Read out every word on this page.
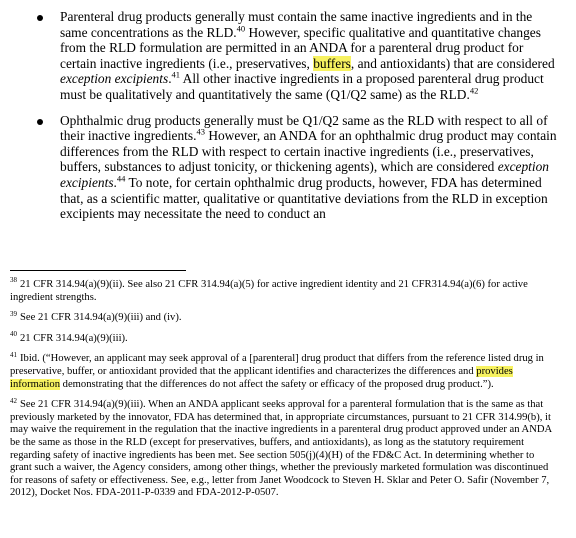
Parenteral drug products generally must contain the same inactive ingredients and in the same concentrations as the RLD.$^{40}$ However, specific qualitative and quantitative changes from the RLD formulation are permitted in an ANDA for a parenteral drug product for certain inactive ingredients (i.e., preservatives, buffers, and antioxidants) that are considered exception excipients.$^{41}$ All other inactive ingredients in a proposed parenteral drug product must be qualitatively and quantitatively the same (Q1/Q2 same) as the RLD.$^{42}$
Ophthalmic drug products generally must be Q1/Q2 same as the RLD with respect to all of their inactive ingredients.$^{43}$ However, an ANDA for an ophthalmic drug product may contain differences from the RLD with respect to certain inactive ingredients (i.e., preservatives, buffers, substances to adjust tonicity, or thickening agents), which are considered exception excipients.$^{44}$ To note, for certain ophthalmic drug products, however, FDA has determined that, as a scientific matter, qualitative or quantitative deviations from the RLD in exception excipients may necessitate the need to conduct an

$^{38}$ 21 CFR 314.94(a)(9)(ii). See also 21 CFR 314.94(a)(5) for active ingredient identity and 21 CFR314.94(a)(6) for active ingredient strengths.

$^{39}$ See 21 CFR 314.94(a)(9)(iii) and (iv).

$^{40}$ 21 CFR 314.94(a)(9)(iii).

$^{41}$ Ibid. (“However, an applicant may seek approval of a [parenteral] drug product that differs from the reference listed drug in preservative, buffer, or antioxidant provided that the applicant identifies and characterizes the differences and provides information demonstrating that the differences do not affect the safety or efficacy of the proposed drug product.”).

$^{42}$ See 21 CFR 314.94(a)(9)(iii). When an ANDA applicant seeks approval for a parenteral formulation that is the same as that previously marketed by the innovator, FDA has determined that, in appropriate circumstances, pursuant to 21 CFR 314.99(b), it may waive the requirement in the regulation that the inactive ingredients in a parenteral drug product approved under an ANDA be the same as those in the RLD (except for preservatives, buffers, and antioxidants), as long as the statutory requirement regarding safety of inactive ingredients has been met. See section 505(j)(4)(H) of the FD&C Act. In determining whether to grant such a waiver, the Agency considers, among other things, whether the previously marketed formulation was discontinued for reasons of safety or effectiveness. See, e.g., letter from Janet Woodcock to Steven H. Sklar and Peter O. Safir (November 7, 2012), Docket Nos. FDA-2011-P-0339 and FDA-2012-P-0507.
